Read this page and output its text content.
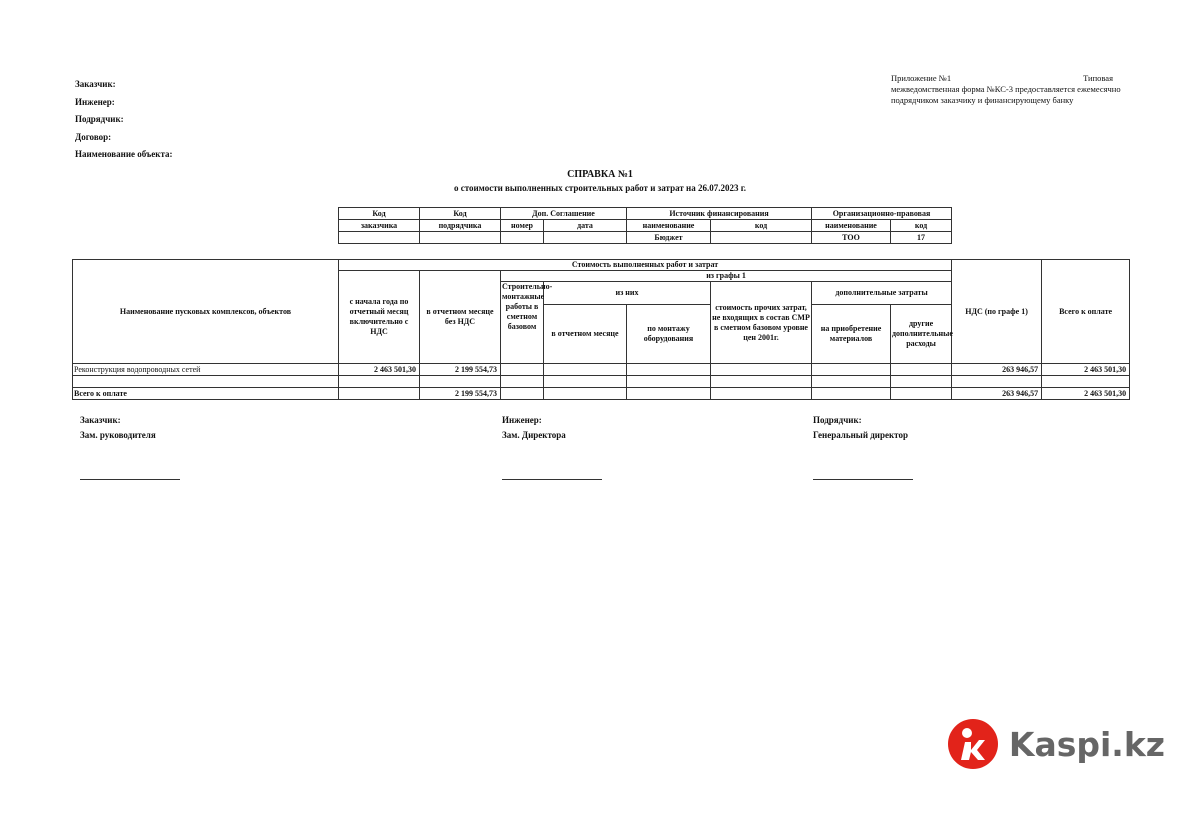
Заказчик:
Инженер:
Подрядчик:
Договор:
Наименование объекта:
Приложение №1	Типовая
межведомственная форма №КС-3 предоставляется ежемесячно подрядчиком заказчику и финансирующему банку
СПРАВКА №1
о стоимости выполненных строительных работ и затрат на 26.07.2023 г.
Код	Код	Доп. Соглашение		Источник финансирования		Организационно-правовая	
заказчика	подрядчика	номер	дата	наименование	код	наименование	код
				Бюджет		ТОО	17
Наименование пусковых комплексов, объектов	Стоимость выполненных работ и затрат								НДС (по графе 1)	Всего к оплате
	с начала года по отчетный месяц включительно с НДС	в отчетном месяце без НДС	из графы 1							

			Строительно-монтажные работы в сметном базовом	из них		стоимость прочих затрат, не входящих в состав СМР в сметном базовом уровне цен 2001г.	дополнительные затраты			
				в отчетном месяце	по монтажу оборудования		на приобретение материалов	другие дополнительные расходы		
Реконструкция водопроводных сетей	2 463 501,30	2 199 554,73							263 946,57	2 463 501,30

Всего к оплате		2 199 554,73							263 946,57	2 463 501,30
Заказчик:
Зам. руководителя
Инженер:
Зам. Директора
Подрядчик:
Генеральный директор
Kaspi.kz
